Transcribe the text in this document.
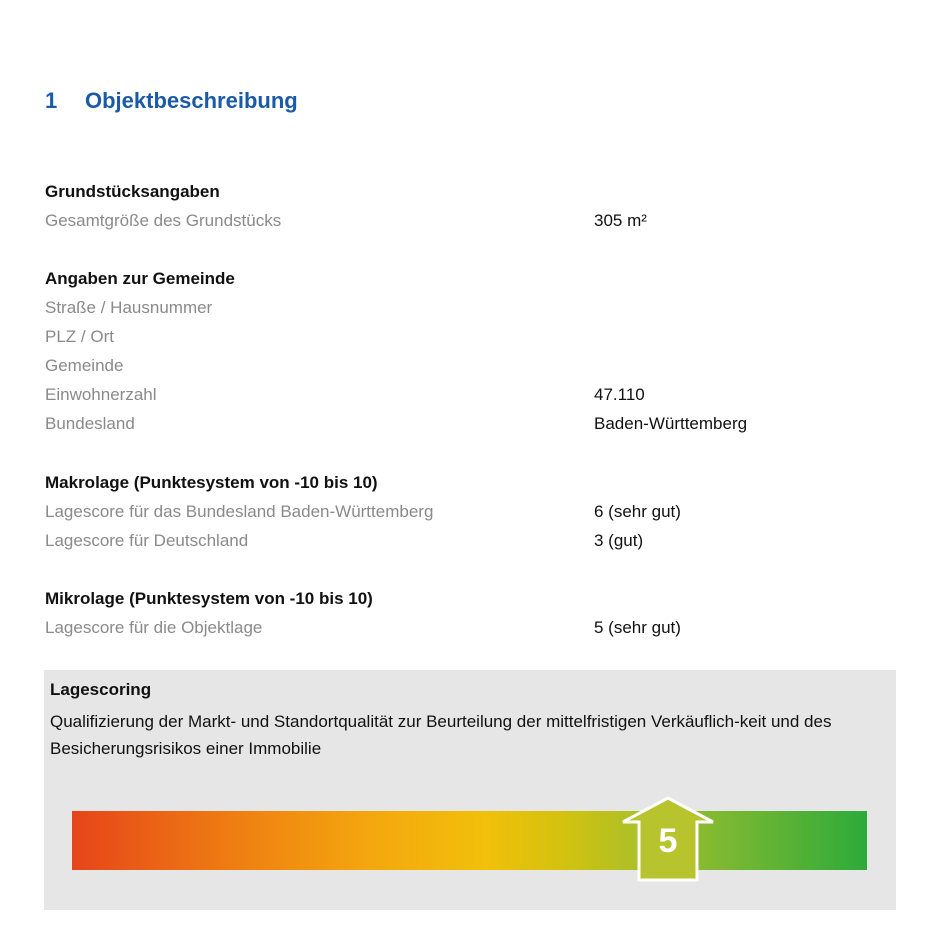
1 Objektbeschreibung
Grundstücksangaben
Gesamtgröße des Grundstücks	305 m²
Angaben zur Gemeinde
Straße / Hausnummer
PLZ / Ort
Gemeinde
Einwohnerzahl	47.110
Bundesland	Baden-Württemberg
Makrolage (Punktesystem von -10 bis 10)
Lagescore für das Bundesland Baden-Württemberg	6 (sehr gut)
Lagescore für Deutschland	3 (gut)
Mikrolage (Punktesystem von -10 bis 10)
Lagescore für die Objektlage	5 (sehr gut)
Lagescoring
Qualifizierung der Markt- und Standortqualität zur Beurteilung der mittelfristigen Verkäuflich-keit und des Besicherungsrisikos einer Immobilie
5
